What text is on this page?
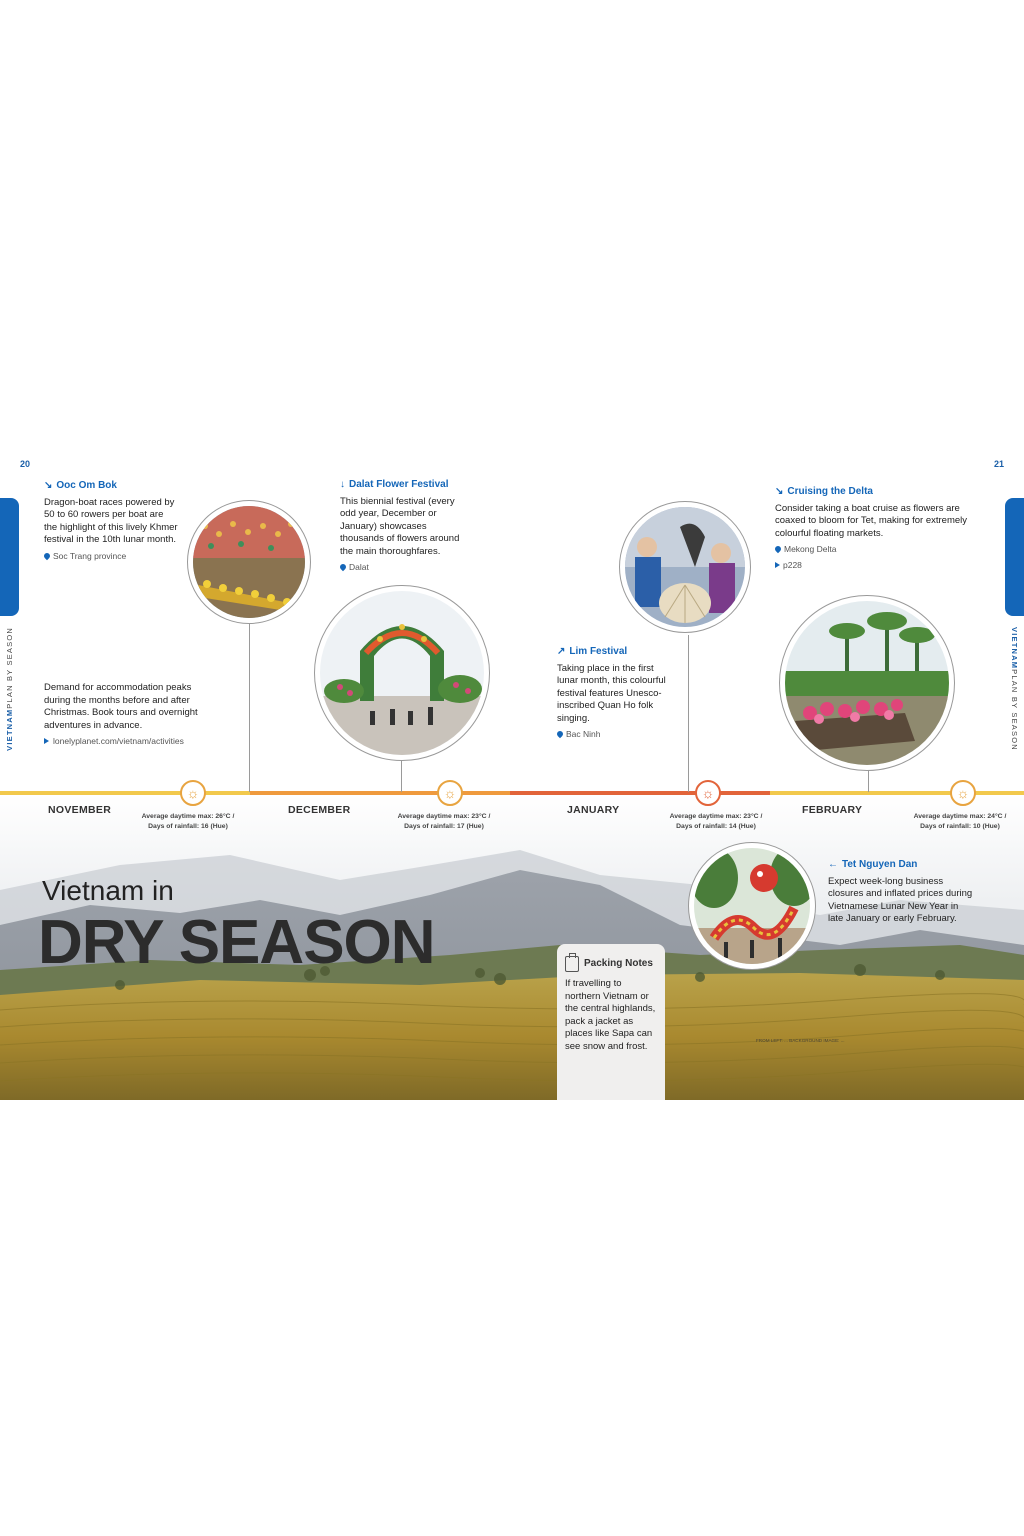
20	21
VIETNAMPLAN BY SEASON	VIETNAMPLAN BY SEASON
NOVEMBER	DECEMBER	JANUARY	FEBRUARY
☼	☼	☼	☼
Average daytime max: 26°C /
Days of rainfall: 16 (Hue)
Average daytime max: 23°C /
Days of rainfall: 17 (Hue)
Average daytime max: 23°C /
Days of rainfall: 14 (Hue)
Average daytime max: 24°C /
Days of rainfall: 10 (Hue)
↘ Ooc Om Bok
Dragon-boat races powered by 50 to 60 rowers per boat are the highlight of this lively Khmer festival in the 10th lunar month.
Soc Trang province
↓ Dalat Flower Festival
This biennial festival (every odd year, December or January) showcases thousands of flowers around the main thoroughfares.
Dalat
Demand for accommodation peaks during the months before and after Christmas. Book tours and overnight adventures in advance.
lonelyplanet.com/vietnam/activities
↗ Lim Festival
Taking place in the first lunar month, this colourful festival features Unesco-inscribed Quan Ho folk singing.
Bac Ninh
↘ Cruising the Delta
Consider taking a boat cruise as flowers are coaxed to bloom for Tet, making for extremely colourful floating markets.
Mekong Delta
p228
← Tet Nguyen Dan
Expect week-long business closures and inflated prices during Vietnamese Lunar New Year in late January or early February.
Vietnam in
DRY SEASON	Packing Notes
If travelling to northern Vietnam or the central highlands, pack a jacket as places like Sapa can see snow and frost.	FROM LEFT: ... BACKGROUND IMAGE: ...
